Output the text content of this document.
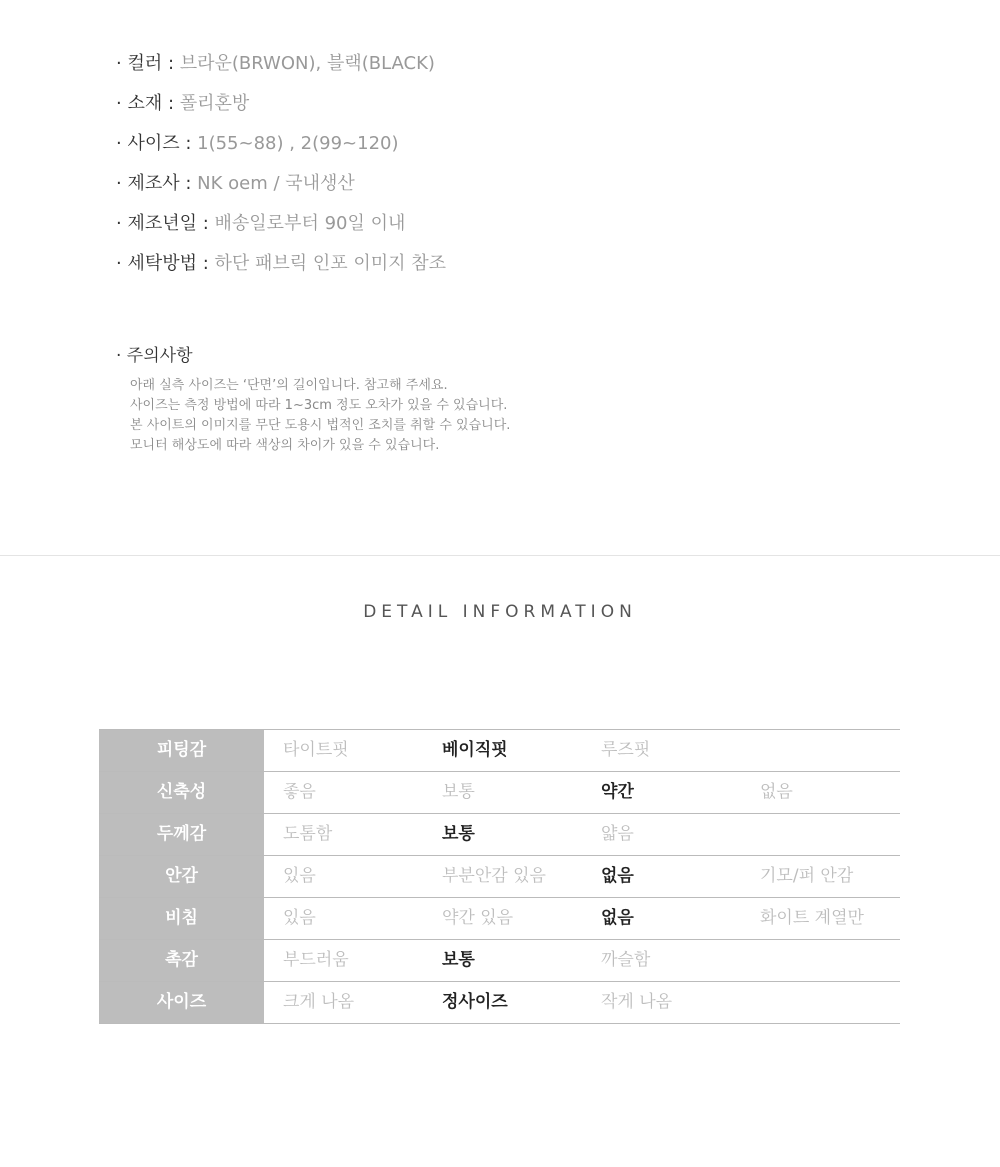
· 컬러 : 브라운(BRWON), 블랙(BLACK)
· 소재 : 폴리혼방
· 사이즈 : 1(55~88) , 2(99~120)
· 제조사 : NK oem / 국내생산
· 제조년일 : 배송일로부터 90일 이내
· 세탁방법 : 하단 패브릭 인포 이미지 참조
· 주의사항
아래 실측 사이즈는 ‘단면’의 길이입니다. 참고해 주세요.
사이즈는 측정 방법에 따라 1~3cm 정도 오차가 있을 수 있습니다.
본 사이트의 이미지를 무단 도용시 법적인 조치를 취할 수 있습니다.
모니터 해상도에 따라 색상의 차이가 있을 수 있습니다.
DETAIL INFORMATION
피팅감	타이트핏	베이직핏	루즈핏
신축성	좋음	보통	약간	없음
두께감	도톰함	보통	얇음
안감	있음	부분안감 있음	없음	기모/퍼 안감
비침	있음	약간 있음	없음	화이트 계열만
촉감	부드러움	보통	까슬함
사이즈	크게 나옴	정사이즈	작게 나옴
